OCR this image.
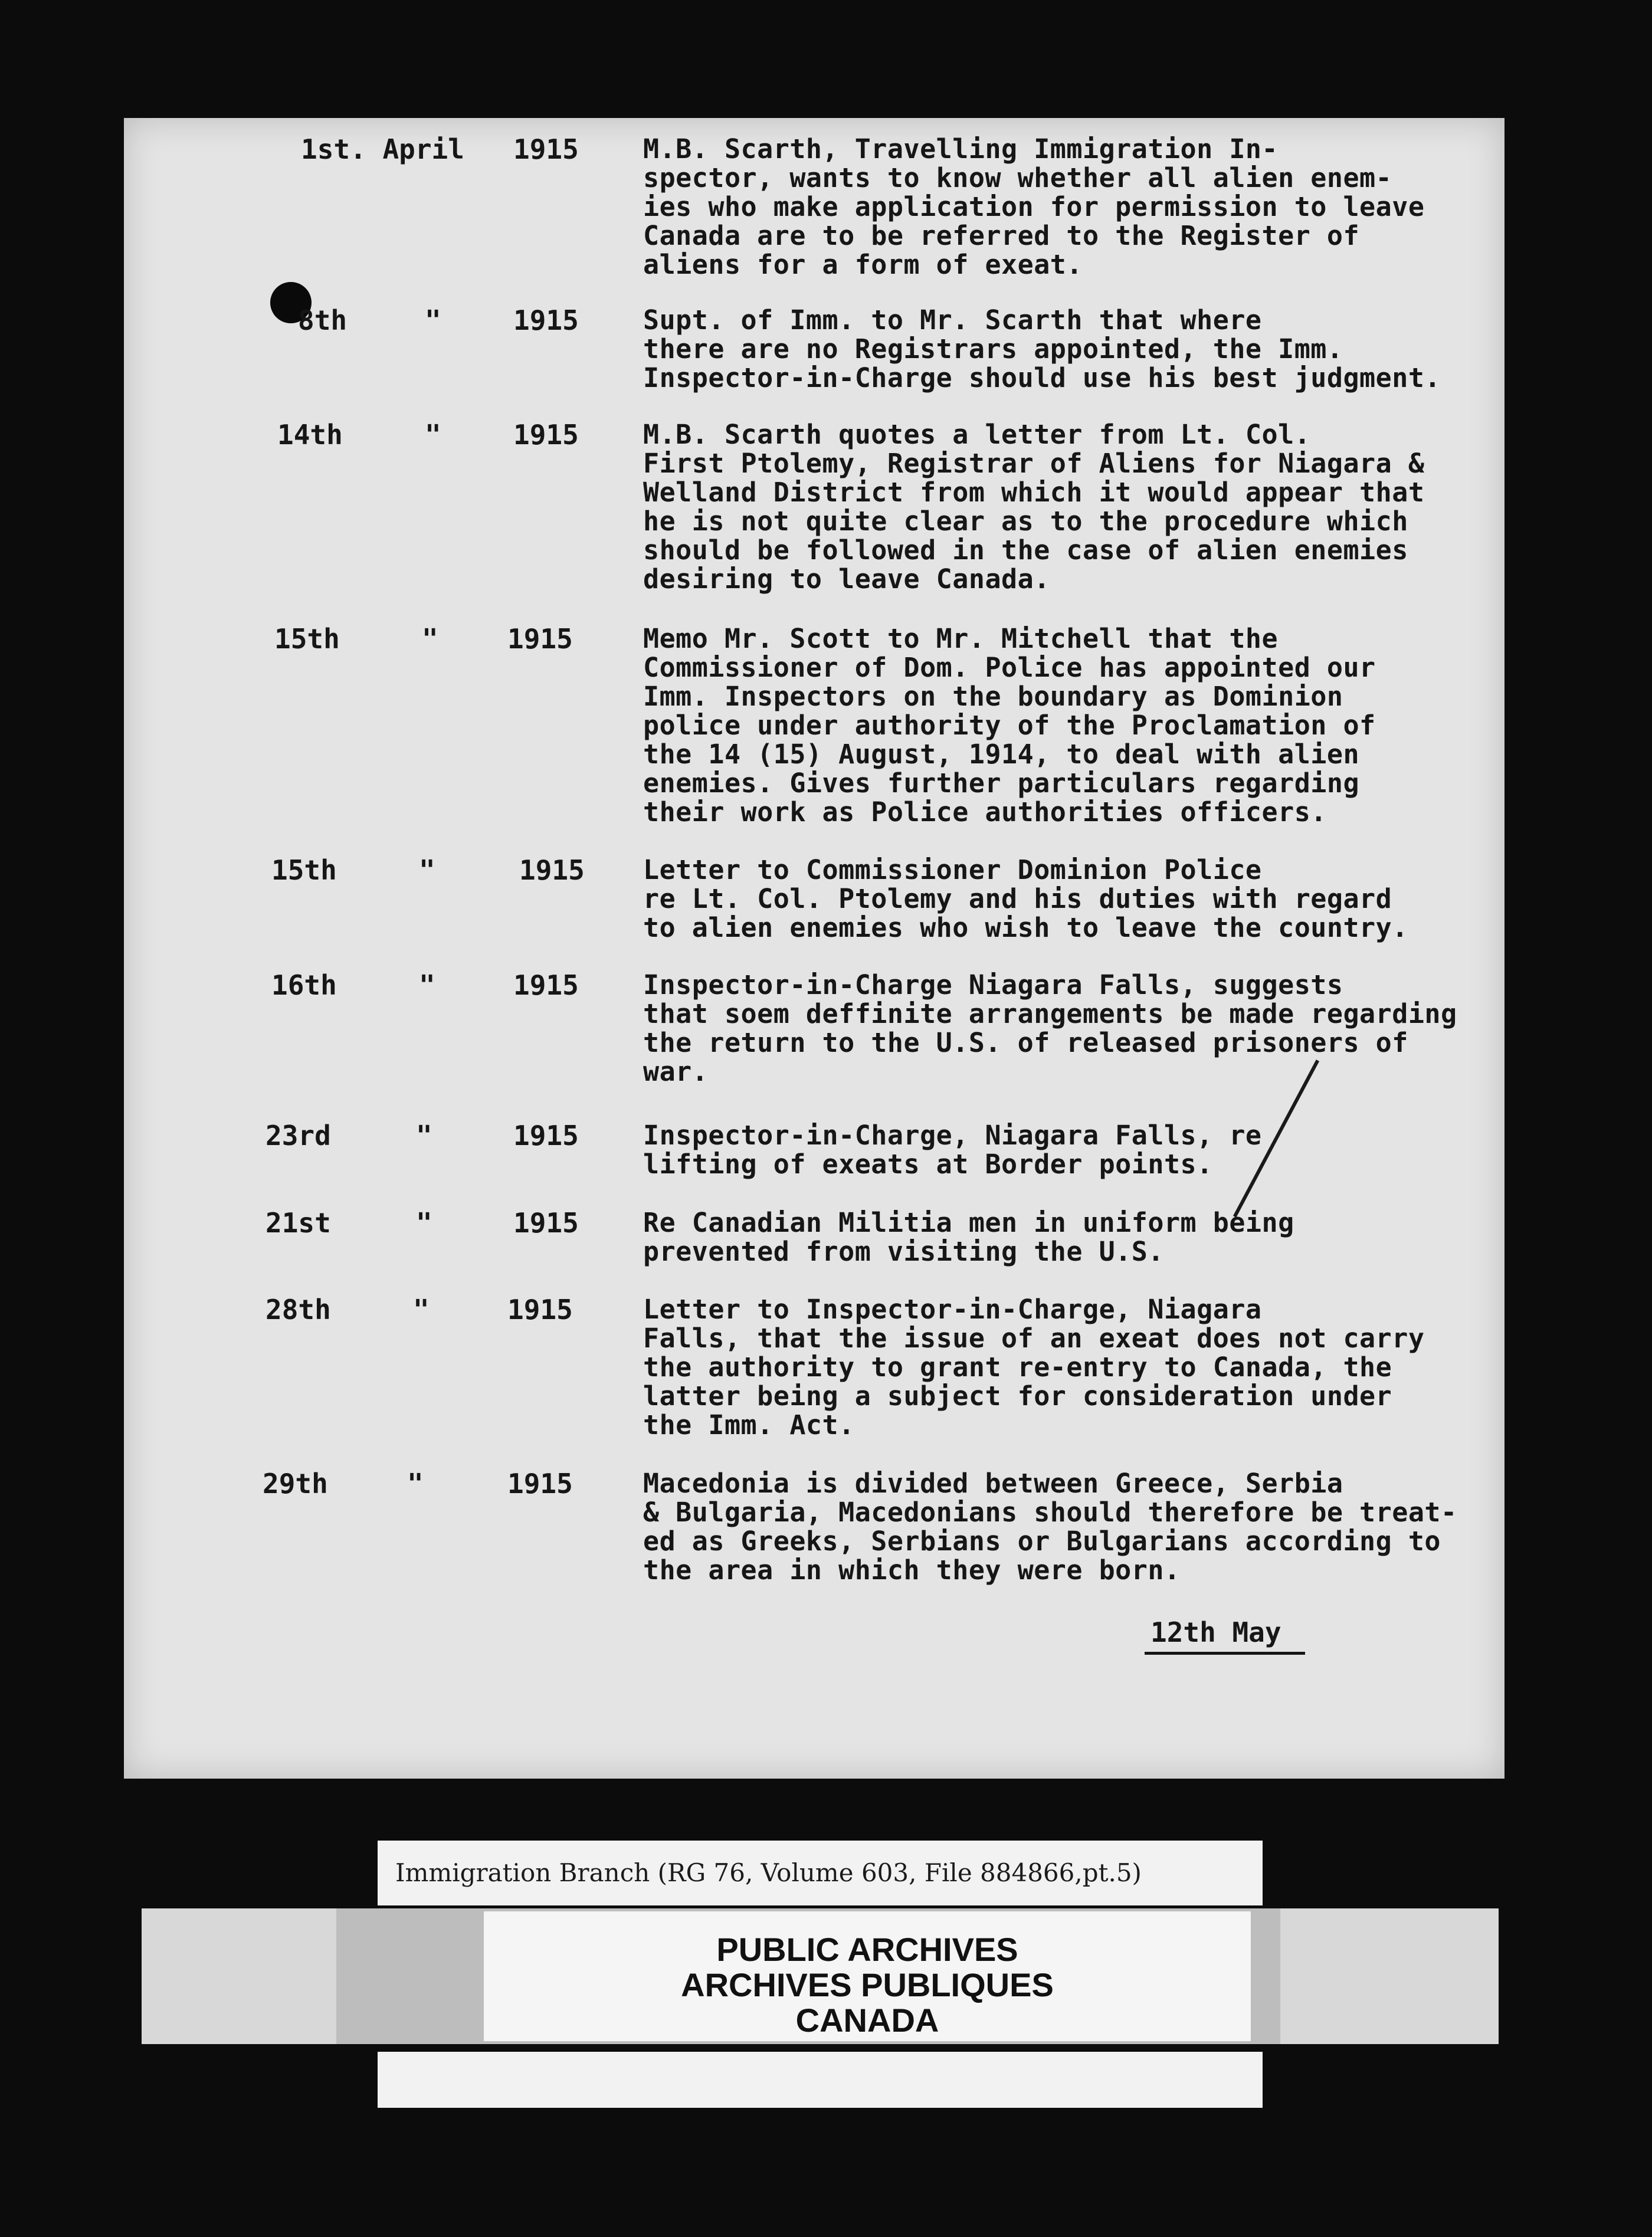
1st. April 1915 M.B. Scarth, Travelling Immigration In-
spector, wants to know whether all alien enem-
ies who make application for permission to leave
Canada are to be referred to the Register of
aliens for a form of exeat.
8th	"	1915 Supt. of Imm. to Mr. Scarth that where
there are no Registrars appointed, the Imm.
Inspector-in-Charge should use his best judgment.
14th	"	1915 M.B. Scarth quotes a letter from Lt. Col.
First Ptolemy, Registrar of Aliens for Niagara &
Welland District from which it would appear that
he is not quite clear as to the procedure which
should be followed in the case of alien enemies
desiring to leave Canada.
15th	"	1915	Memo Mr. Scott to Mr. Mitchell that the
Commissioner of Dom. Police has appointed our
Imm. Inspectors on the boundary as Dominion
police under authority of the Proclamation of
the 14 (15) August, 1914, to deal with alien
enemies. Gives further particulars regarding
their work as Police authorities officers.
15th	"	1915 Letter to Commissioner Dominion Police
re Lt. Col. Ptolemy and his duties with regard
to alien enemies who wish to leave the country.
16th	"	1915 Inspector-in-Charge Niagara Falls, suggests
that soem deffinite arrangements be made regarding
the return to the U.S. of released prisoners of
war.
23rd	"	1915 Inspector-in-Charge, Niagara Falls, re
lifting of exeats at Border points.
21st	"	1915 Re Canadian Militia men in uniform being
prevented from visiting the U.S.
28th	"	1915	Letter to Inspector-in-Charge, Niagara
Falls, that the issue of an exeat does not carry
the authority to grant re-entry to Canada, the
latter being a subject for consideration under
the Imm. Act.
29th	"	1915	Macedonia is divided between Greece, Serbia
& Bulgaria, Macedonians should therefore be treat-
ed as Greeks, Serbians or Bulgarians according to
the area in which they were born.
12th May
Immigration Branch (RG 76, Volume 603, File 884866,pt.5)
PUBLIC ARCHIVES
ARCHIVES PUBLIQUES
CANADA
